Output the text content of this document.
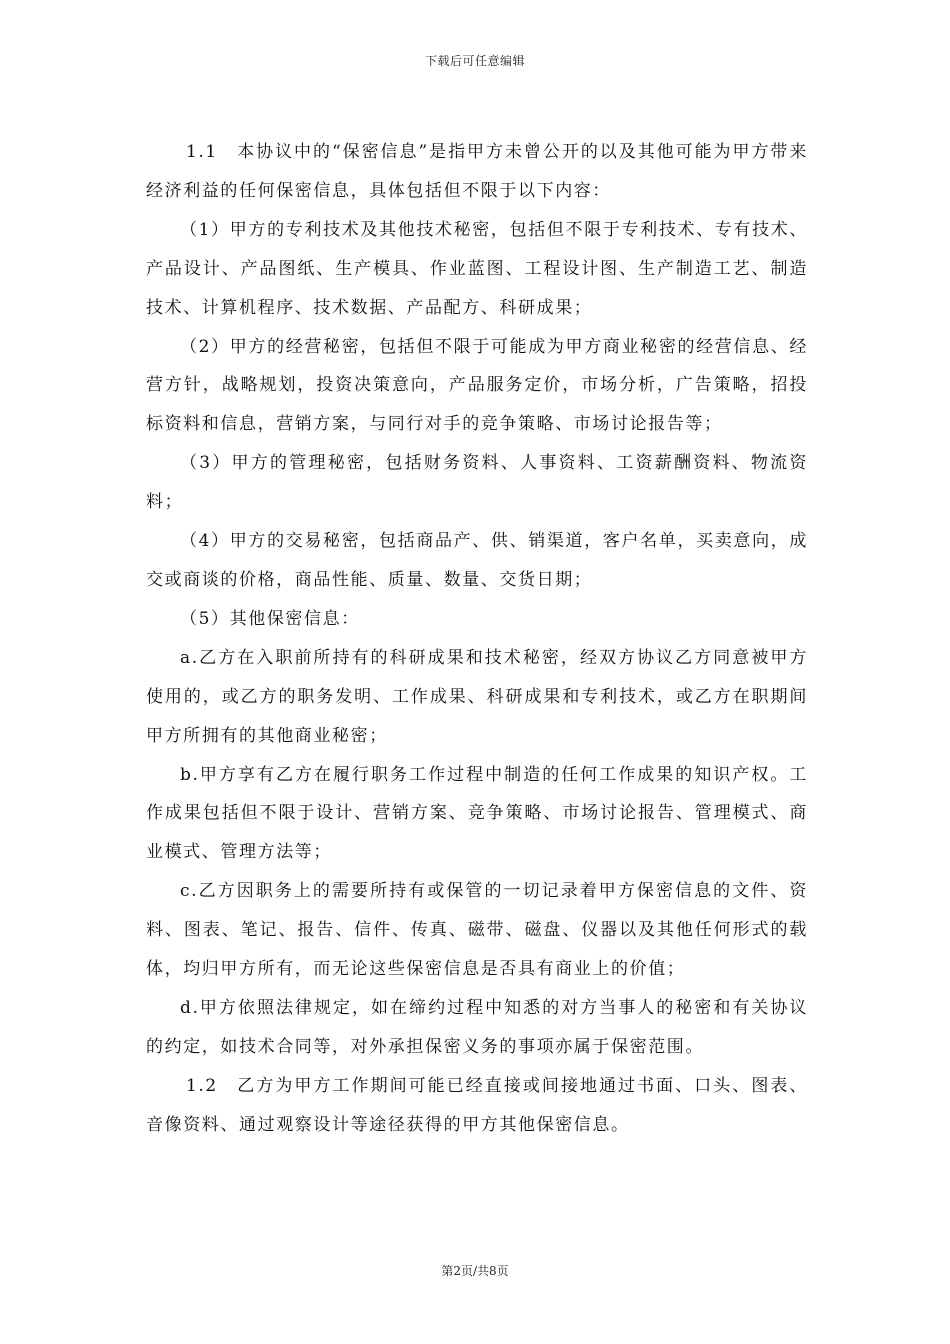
下载后可任意编辑

1.1　本协议中的“保密信息”是指甲方未曾公开的以及其他可能为甲方带来经济利益的任何保密信息，具体包括但不限于以下内容：

（1）甲方的专利技术及其他技术秘密，包括但不限于专利技术、专有技术、产品设计、产品图纸、生产模具、作业蓝图、工程设计图、生产制造工艺、制造技术、计算机程序、技术数据、产品配方、科研成果；

（2）甲方的经营秘密，包括但不限于可能成为甲方商业秘密的经营信息、经营方针，战略规划，投资决策意向，产品服务定价，市场分析，广告策略，招投标资料和信息，营销方案，与同行对手的竞争策略、市场讨论报告等；

（3）甲方的管理秘密，包括财务资料、人事资料、工资薪酬资料、物流资料；

（4）甲方的交易秘密，包括商品产、供、销渠道，客户名单，买卖意向，成交或商谈的价格，商品性能、质量、数量、交货日期；

（5）其他保密信息：

a.乙方在入职前所持有的科研成果和技术秘密，经双方协议乙方同意被甲方使用的，或乙方的职务发明、工作成果、科研成果和专利技术，或乙方在职期间甲方所拥有的其他商业秘密；

b.甲方享有乙方在履行职务工作过程中制造的任何工作成果的知识产权。工作成果包括但不限于设计、营销方案、竞争策略、市场讨论报告、管理模式、商业模式、管理方法等；

c.乙方因职务上的需要所持有或保管的一切记录着甲方保密信息的文件、资料、图表、笔记、报告、信件、传真、磁带、磁盘、仪器以及其他任何形式的载体，均归甲方所有，而无论这些保密信息是否具有商业上的价值；

d.甲方依照法律规定，如在缔约过程中知悉的对方当事人的秘密和有关协议的约定，如技术合同等，对外承担保密义务的事项亦属于保密范围。

1.2　乙方为甲方工作期间可能已经直接或间接地通过书面、口头、图表、音像资料、通过观察设计等途径获得的甲方其他保密信息。

第2页/共8页
